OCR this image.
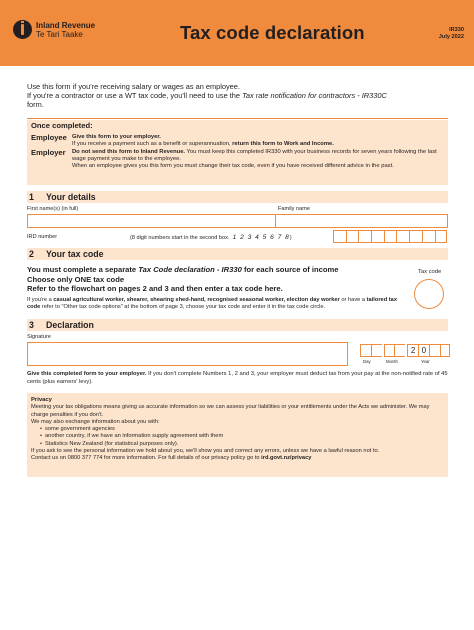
Inland Revenue
Te Tari Taake	Tax code declaration	IR330
July 2022

Use this form if you're receiving salary or wages as an employee.

If you're a contractor or use a WT tax code, you'll need to use the Tax rate notification for contractors - IR330C
form.

Once completed:
Employee Give this form to your employer.
If you receive a payment such as a benefit or superannuation, return this form to Work and Income.
Employer	Do not send this form to Inland Revenue. You must keep this completed IR330 with your business records for seven years following the last wage payment you make to the employee.
When an employee gives you this form you must change their tax code, even if you have received different advice in the past.
1 Your details
First name(s) (in full)	Family name
IRD number	(8 digit numbers start in the second box. 1 2 3 4 5 6 7 8)
2 Your tax code
You must complete a separate Tax Code declaration - IR330 for each source of income
Choose only ONE tax code
Refer to the flowchart on pages 2 and 3 and then enter a tax code here.
If you're a casual agricultural worker, shearer, shearing shed-hand, recognised seasonal worker, election day worker or have a tailored tax code refer to "Other tax code options" at the bottom of page 3, choose your tax code and enter it in the tax code circle.
Tax code
3 Declaration
Signature
2 0
Day	Month	Year
Give this completed form to your employer. If you don't complete Numbers 1, 2 and 3, your employer must deduct tax from your pay at the non-notified rate of 45 cents (plus earners' levy).
Privacy
Meeting your tax obligations means giving us accurate information so we can assess your liabilities or your entitlements under the Acts we administer. We may charge penalties if you don't.
We may also exchange information about you with:
• some government agencies
• another country, if we have an information supply agreement with them
• Statistics New Zealand (for statistical purposes only).
If you ask to see the personal information we hold about you, we'll show you and correct any errors, unless we have a lawful reason not to.
Contact us on 0800 377 774 for more information. For full details of our privacy policy go to ird.govt.nz/privacy
